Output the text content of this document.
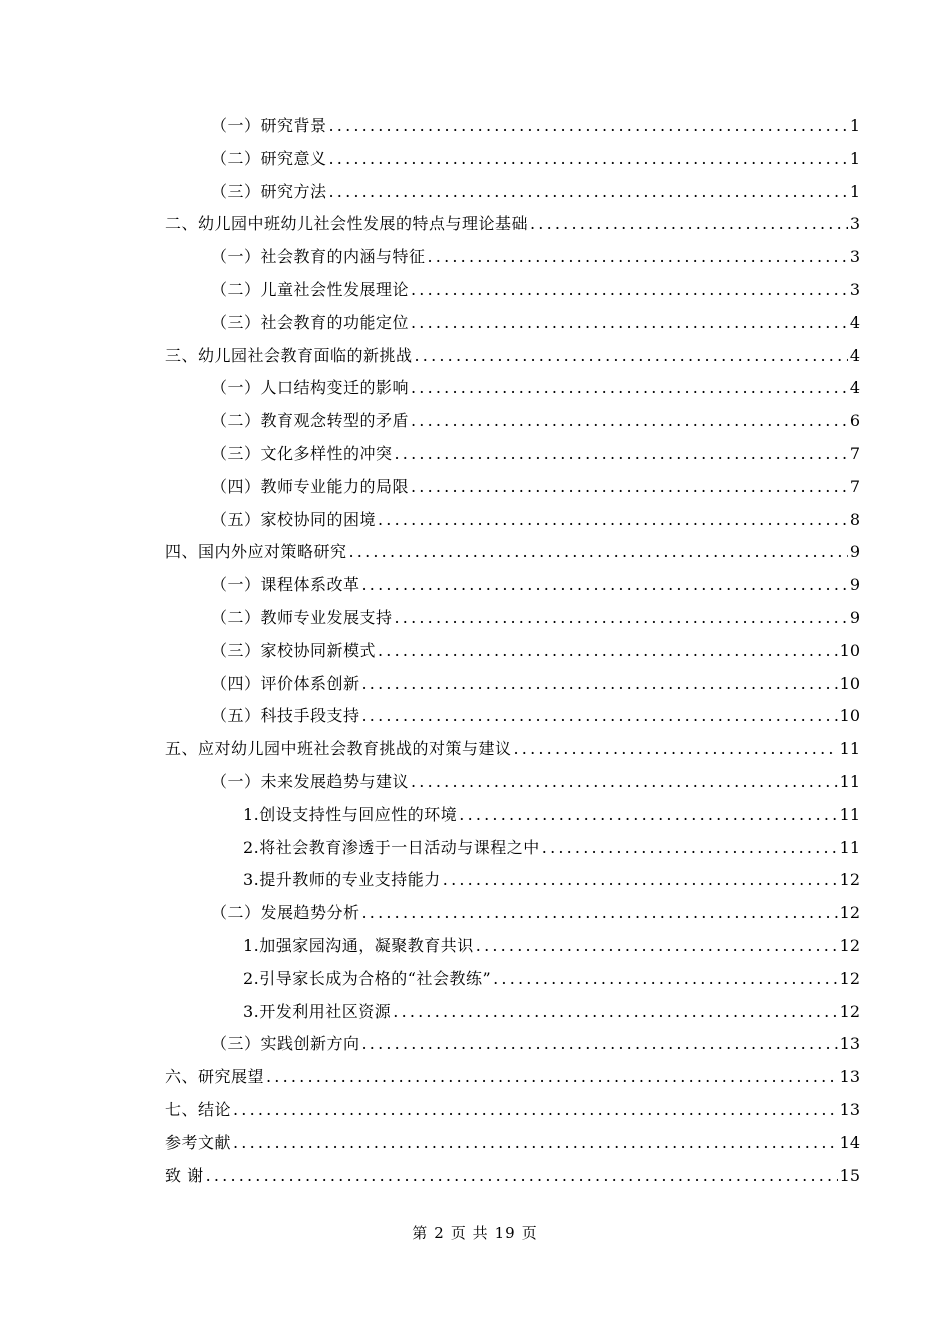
（一）研究背景 .....	1
（二）研究意义 .....	1
（三）研究方法 .....	1
二、幼儿园中班幼儿社会性发展的特点与理论基础 .....	3
（一）社会教育的内涵与特征 .....	3
（二）儿童社会性发展理论 .....	3
（三）社会教育的功能定位 .....	4
三、幼儿园社会教育面临的新挑战 .....	4
（一）人口结构变迁的影响 .....	4
（二）教育观念转型的矛盾 .....	6
（三）文化多样性的冲突 .....	7
（四）教师专业能力的局限 .....	7
（五）家校协同的困境 .....	8
四、国内外应对策略研究 .....	9
（一）课程体系改革 .....	9
（二）教师专业发展支持 .....	9
（三）家校协同新模式 .....	10
（四）评价体系创新 .....	10
（五）科技手段支持 .....	10
五、应对幼儿园中班社会教育挑战的对策与建议 .....	11
（一）未来发展趋势与建议 .....	11
1.创设支持性与回应性的环境 .....	11
2.将社会教育渗透于一日活动与课程之中 .....	11
3.提升教师的专业支持能力 .....	12
（二）发展趋势分析 .....	12
1.加强家园沟通，凝聚教育共识 .....	12
2.引导家长成为合格的“社会教练” .....	12
3.开发利用社区资源 .....	12
（三）实践创新方向 .....	13
六、研究展望 .....	13
七、结论 .....	13
参考文献 .....	14
致 谢 .....	15
第 2 页 共 19 页
